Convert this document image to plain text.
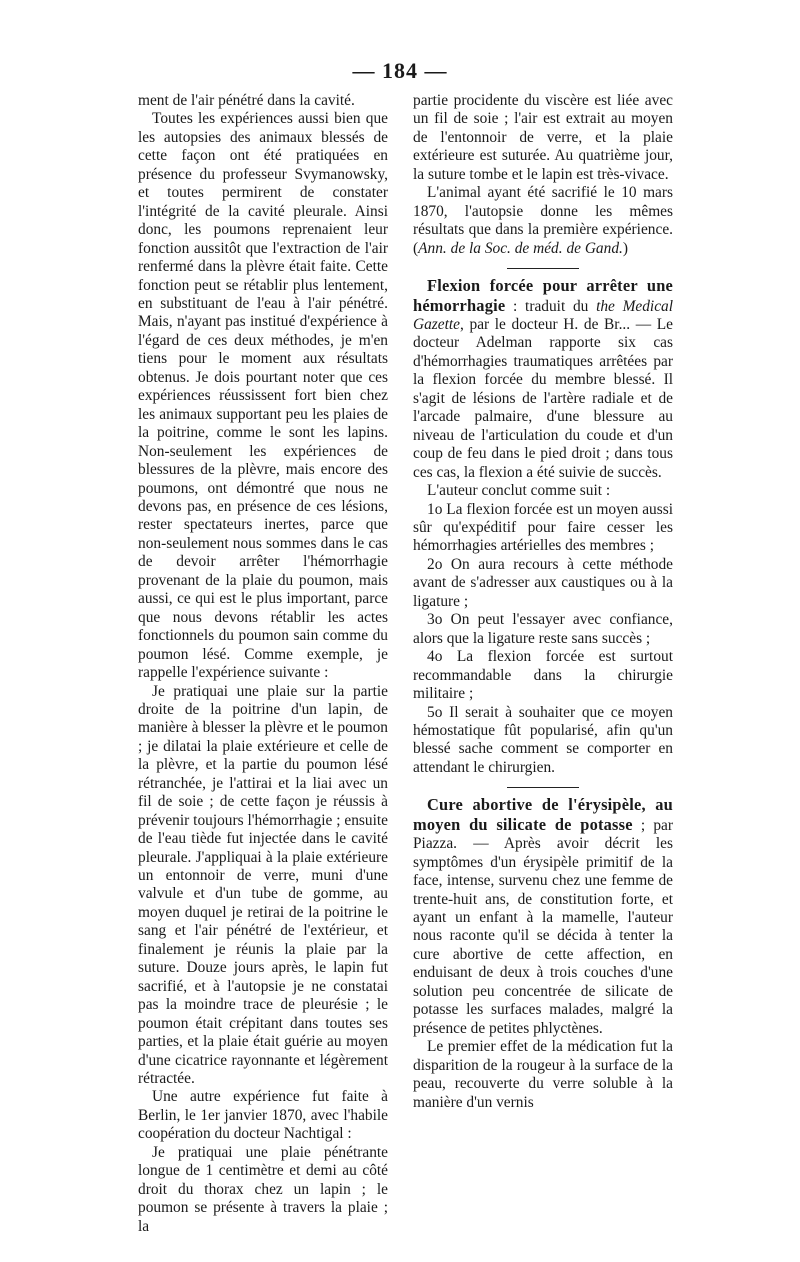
— 184 —

ment de l'air pénétré dans la cavité.

Toutes les expériences aussi bien que les autopsies des animaux blessés de cette façon ont été pratiquées en présence du professeur Svymanowsky, et toutes permirent de constater l'intégrité de la cavité pleurale. Ainsi donc, les poumons reprenaient leur fonction aussitôt que l'extraction de l'air renfermé dans la plèvre était faite. Cette fonction peut se rétablir plus lentement, en substituant de l'eau à l'air pénétré. Mais, n'ayant pas institué d'expérience à l'égard de ces deux méthodes, je m'en tiens pour le moment aux résultats obtenus. Je dois pourtant noter que ces expériences réussissent fort bien chez les animaux supportant peu les plaies de la poitrine, comme le sont les lapins. Non-seulement les expériences de blessures de la plèvre, mais encore des poumons, ont démontré que nous ne devons pas, en présence de ces lésions, rester spectateurs inertes, parce que non-seulement nous sommes dans le cas de devoir arrêter l'hémorrhagie provenant de la plaie du poumon, mais aussi, ce qui est le plus important, parce que nous devons rétablir les actes fonctionnels du poumon sain comme du poumon lésé. Comme exemple, je rappelle l'expérience suivante :

Je pratiquai une plaie sur la partie droite de la poitrine d'un lapin, de manière à blesser la plèvre et le poumon ; je dilatai la plaie extérieure et celle de la plèvre, et la partie du poumon lésé rétranchée, je l'attirai et la liai avec un fil de soie ; de cette façon je réussis à prévenir toujours l'hémorrhagie ; ensuite de l'eau tiède fut injectée dans le cavité pleurale. J'appliquai à la plaie extérieure un entonnoir de verre, muni d'une valvule et d'un tube de gomme, au moyen duquel je retirai de la poitrine le sang et l'air pénétré de l'extérieur, et finalement je réunis la plaie par la suture. Douze jours après, le lapin fut sacrifié, et à l'autopsie je ne constatai pas la moindre trace de pleurésie ; le poumon était crépitant dans toutes ses parties, et la plaie était guérie au moyen d'une cicatrice rayonnante et légèrement rétractée.

Une autre expérience fut faite à Berlin, le 1er janvier 1870, avec l'habile coopération du docteur Nachtigal :

Je pratiquai une plaie pénétrante longue de 1 centimètre et demi au côté droit du thorax chez un lapin ; le poumon se présente à travers la plaie ; la

partie procidente du viscère est liée avec un fil de soie ; l'air est extrait au moyen de l'entonnoir de verre, et la plaie extérieure est suturée. Au quatrième jour, la suture tombe et le lapin est très-vivace.

L'animal ayant été sacrifié le 10 mars 1870, l'autopsie donne les mêmes résultats que dans la première expérience. (Ann. de la Soc. de méd. de Gand.)

Flexion forcée pour arrêter une hémorrhagie : traduit du the Medical Gazette, par le docteur H. de Br... — Le docteur Adelman rapporte six cas d'hémorrhagies traumatiques arrêtées par la flexion forcée du membre blessé. Il s'agit de lésions de l'artère radiale et de l'arcade palmaire, d'une blessure au niveau de l'articulation du coude et d'un coup de feu dans le pied droit ; dans tous ces cas, la flexion a été suivie de succès.

L'auteur conclut comme suit :

1o La flexion forcée est un moyen aussi sûr qu'expéditif pour faire cesser les hémorrhagies artérielles des membres ;

2o On aura recours à cette méthode avant de s'adresser aux caustiques ou à la ligature ;

3o On peut l'essayer avec confiance, alors que la ligature reste sans succès ;

4o La flexion forcée est surtout recommandable dans la chirurgie militaire ;

5o Il serait à souhaiter que ce moyen hémostatique fût popularisé, afin qu'un blessé sache comment se comporter en attendant le chirurgien.

Cure abortive de l'érysipèle, au moyen du silicate de potasse ; par Piazza. — Après avoir décrit les symptômes d'un érysipèle primitif de la face, intense, survenu chez une femme de trente-huit ans, de constitution forte, et ayant un enfant à la mamelle, l'auteur nous raconte qu'il se décida à tenter la cure abortive de cette affection, en enduisant de deux à trois couches d'une solution peu concentrée de silicate de potasse les surfaces malades, malgré la présence de petites phlyctènes.

Le premier effet de la médication fut la disparition de la rougeur à la surface de la peau, recouverte du verre soluble à la manière d'un vernis
